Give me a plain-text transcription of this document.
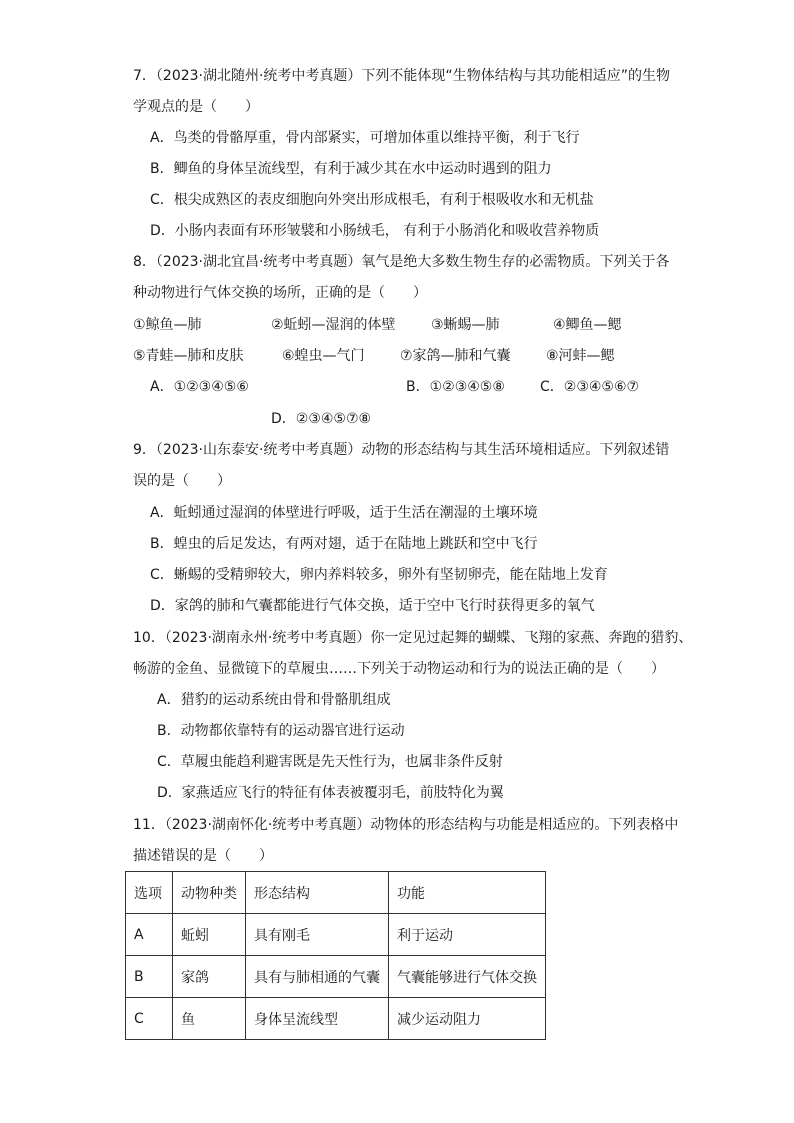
7．（2023·湖北随州·统考中考真题）下列不能体现“生物体结构与其功能相适应”的生物
学观点的是（　　）
A．鸟类的骨骼厚重，骨内部紧实，可增加体重以维持平衡，利于飞行
B．鲫鱼的身体呈流线型，有利于减少其在水中运动时遇到的阻力
C．根尖成熟区的表皮细胞向外突出形成根毛，有利于根吸收水和无机盐
D．小肠内表面有环形皱襞和小肠绒毛， 有利于小肠消化和吸收营养物质
8．（2023·湖北宜昌·统考中考真题）氧气是绝大多数生物生存的必需物质。下列关于各
种动物进行气体交换的场所，正确的是（　　）
①鲸鱼—肺	②蚯蚓—湿润的体壁	③蜥蜴—肺	④鲫鱼—鳃
⑤青蛙—肺和皮肤	⑥蝗虫—气门	⑦家鸽—肺和气囊	⑧河蚌—鳃
A．①②③④⑤⑥	B．①②③④⑤⑧	C．②③④⑤⑥⑦
D．②③④⑤⑦⑧
9．（2023·山东泰安·统考中考真题）动物的形态结构与其生活环境相适应。下列叙述错
误的是（　　）
A．蚯蚓通过湿润的体壁进行呼吸，适于生活在潮湿的土壤环境
B．蝗虫的后足发达，有两对翅，适于在陆地上跳跃和空中飞行
C．蜥蜴的受精卵较大，卵内养料较多，卵外有坚韧卵壳，能在陆地上发育
D．家鸽的肺和气囊都能进行气体交换，适于空中飞行时获得更多的氧气
10．（2023·湖南永州·统考中考真题）你一定见过起舞的蝴蝶、飞翔的家燕、奔跑的猎豹、
畅游的金鱼、显微镜下的草履虫……下列关于动物运动和行为的说法正确的是（　　）
A．猎豹的运动系统由骨和骨骼肌组成
B．动物都依靠特有的运动器官进行运动
C．草履虫能趋利避害既是先天性行为，也属非条件反射
D．家燕适应飞行的特征有体表被覆羽毛，前肢特化为翼
11．（2023·湖南怀化·统考中考真题）动物体的形态结构与功能是相适应的。下列表格中
描述错误的是（　　）
选项	动物种类	形态结构	功能
A	蚯蚓	具有刚毛	利于运动
B	家鸽	具有与肺相通的气囊	气囊能够进行气体交换
C	鱼	身体呈流线型	减少运动阻力
